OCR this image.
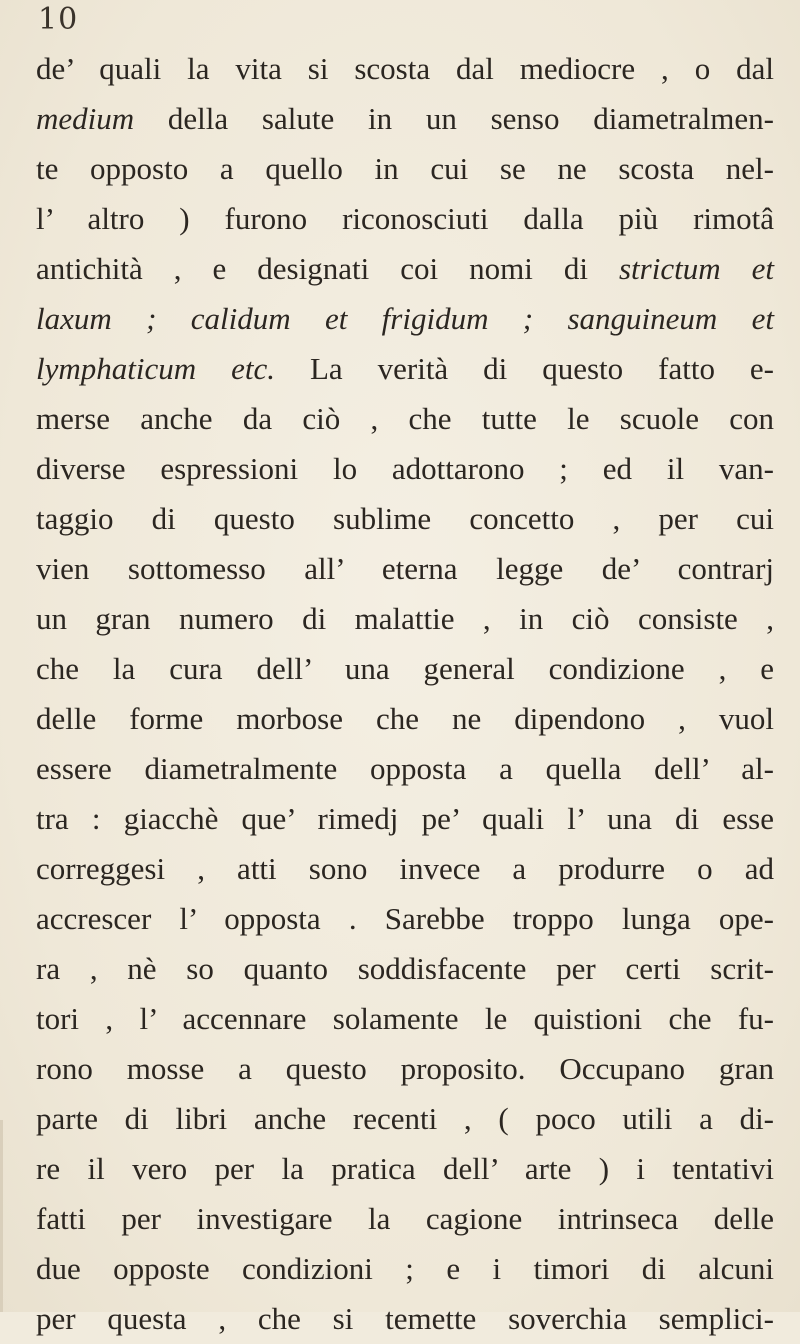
10
de’ quali la vita si scosta dal mediocre , o dal
medium della salute in un senso diametralmen-
te opposto a quello in cui se ne scosta nel-
l’ altro ) furono riconosciuti dalla più rimotâ
antichità , e designati coi nomi di strictum et
laxum ; calidum et frigidum ; sanguineum et
lymphaticum etc. La verità di questo fatto e-
merse anche da ciò , che tutte le scuole con
diverse espressioni lo adottarono ; ed il van-
taggio di questo sublime concetto , per cui
vien sottomesso all’ eterna legge de’ contrarj
un gran numero di malattie , in ciò consiste ,
che la cura dell’ una general condizione , e
delle forme morbose che ne dipendono , vuol
essere diametralmente opposta a quella dell’ al-
tra : giacchè que’ rimedj pe’ quali l’ una di esse
correggesi , atti sono invece a produrre o ad
accrescer l’ opposta . Sarebbe troppo lunga ope-
ra , nè so quanto soddisfacente per certi scrit-
tori , l’ accennare solamente le quistioni che fu-
rono mosse a questo proposito. Occupano gran
parte di libri anche recenti , ( poco utili a di-
re il vero per la pratica dell’ arte ) i tentativi
fatti per investigare la cagione intrinseca delle
due opposte condizioni ; e i timori di alcuni
per questa , che si temette soverchia semplici-
